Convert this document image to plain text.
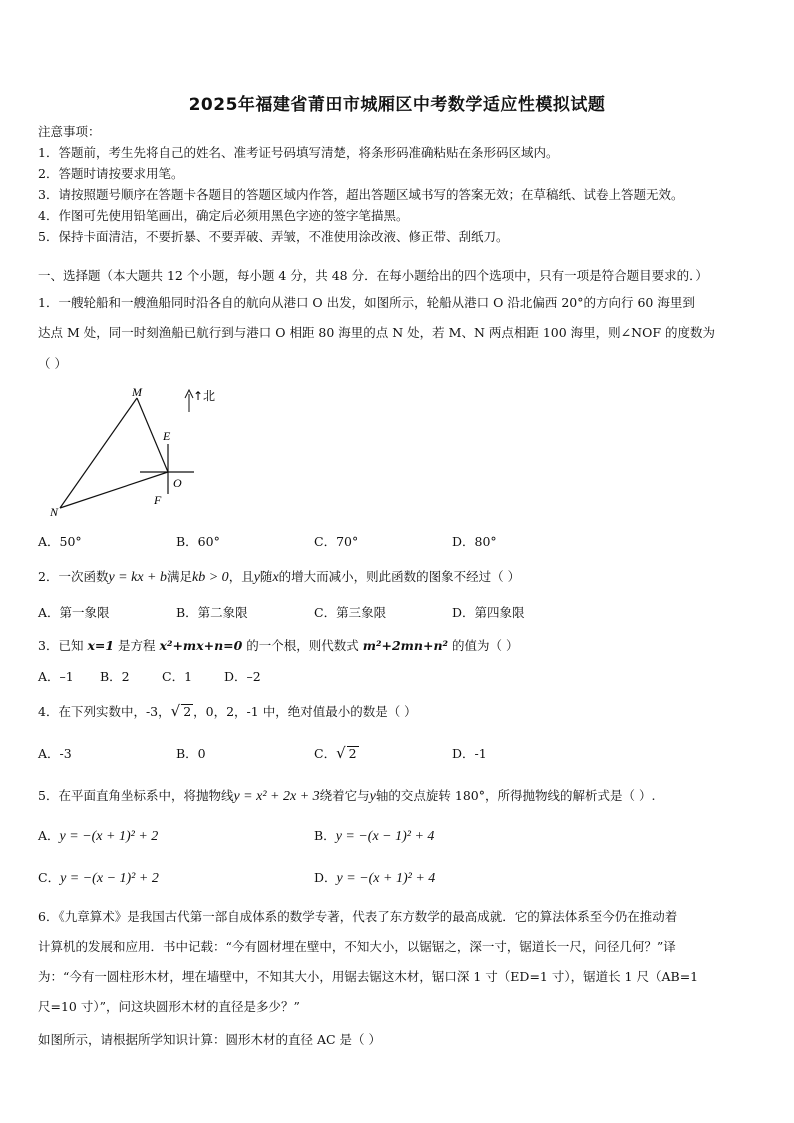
2025年福建省莆田市城厢区中考数学适应性模拟试题
注意事项：
1．答题前，考生先将自己的姓名、准考证号码填写清楚，将条形码准确粘贴在条形码区域内。
2．答题时请按要求用笔。
3．请按照题号顺序在答题卡各题目的答题区域内作答，超出答题区域书写的答案无效；在草稿纸、试卷上答题无效。
4．作图可先使用铅笔画出，确定后必须用黑色字迹的签字笔描黑。
5．保持卡面清洁，不要折暴、不要弄破、弄皱，不准使用涂改液、修正带、刮纸刀。
一、选择题（本大题共 12 个小题，每小题 4 分，共 48 分．在每小题给出的四个选项中，只有一项是符合题目要求的．）
1．一艘轮船和一艘渔船同时沿各自的航向从港口 O 出发，如图所示，轮船从港口 O 沿北偏西 20°的方向行 60 海里到
达点 M 处，同一时刻渔船已航行到与港口 O 相距 80 海里的点 N 处，若 M、N 两点相距 100 海里，则∠NOF 的度数为
（ ）
M
E
O
F
N
↑北
A．50°	B．60°	C．70°	D．80°
2．一次函数y = kx + b满足kb > 0，且y随x的增大而减小，则此函数的图象不经过（ ）
A．第一象限	B．第二象限	C．第三象限	D．第四象限
3．已知 x=1 是方程 x²+mx+n=0 的一个根，则代数式 m²+2mn+n² 的值为（ ）
A．–1 B．2	C．1	D．–2
4．在下列实数中，-3，√ 2 ，0，2，-1 中，绝对值最小的数是（ ）
A．-3	B．0	C．√ 2	D．-1
5．在平面直角坐标系中，将抛物线y = x² + 2x + 3绕着它与y轴的交点旋转 180°，所得抛物线的解析式是（ ）.
A．y = −(x + 1)² + 2	B．y = −(x − 1)² + 4
C．y = −(x − 1)² + 2	D．y = −(x + 1)² + 4
6．《九章算术》是我国古代第一部自成体系的数学专著，代表了东方数学的最高成就．它的算法体系至今仍在推动着
计算机的发展和应用．书中记载：“今有圆材埋在壁中，不知大小，以锯锯之，深一寸，锯道长一尺，问径几何？”译
为：“今有一圆柱形木材，埋在墙壁中，不知其大小，用锯去锯这木材，锯口深 1 寸（ED=1 寸），锯道长 1 尺（AB=1
尺=10 寸）”，问这块圆形木材的直径是多少？”
如图所示，请根据所学知识计算：圆形木材的直径 AC 是（ ）
